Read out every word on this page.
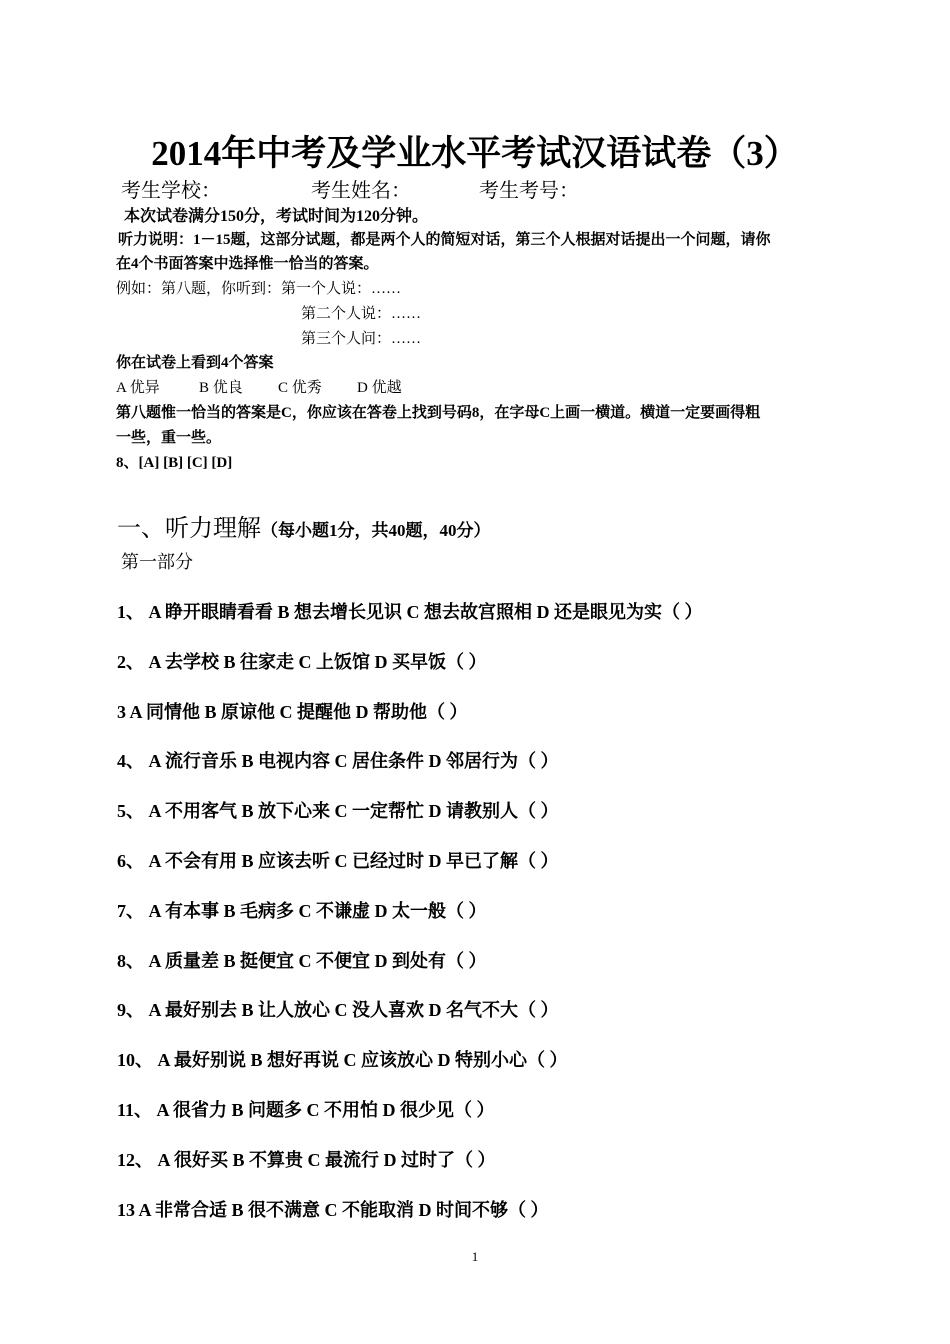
2014年中考及学业水平考试汉语试卷（3）
考生学校：	考生姓名：	考生考号：
本次试卷满分150分，考试时间为120分钟。
听力说明：1－15题，这部分试题，都是两个人的简短对话，第三个人根据对话提出一个问题，请你
在4个书面答案中选择惟一恰当的答案。
例如：第八题，你听到：第一个人说：……
第二个人说：……
第三个人问：……
你在试卷上看到4个答案
A 优异	B 优良 C 优秀 D 优越
第八题惟一恰当的答案是C，你应该在答卷上找到号码8，在字母C上画一横道。横道一定要画得粗
一些，重一些。
8、[A] [B] [C] [D]
一、听力理解（每小题1分，共40题，40分）
第一部分
1、 A 睁开眼睛看看 B 想去增长见识 C 想去故宫照相 D 还是眼见为实（ ）
2、 A 去学校 B 往家走 C 上饭馆 D 买早饭（ ）
3 A 同情他 B 原谅他 C 提醒他 D 帮助他（ ）
4、 A 流行音乐 B 电视内容 C 居住条件 D 邻居行为（ ）
5、 A 不用客气 B 放下心来 C 一定帮忙 D 请教别人（ ）
6、 A 不会有用 B 应该去听 C 已经过时 D 早已了解（ ）
7、 A 有本事 B 毛病多 C 不谦虚 D 太一般（ ）
8、 A 质量差 B 挺便宜 C 不便宜 D 到处有（ ）
9、 A 最好别去 B 让人放心 C 没人喜欢 D 名气不大（ ）
10、 A 最好别说 B 想好再说 C 应该放心 D 特别小心（ ）
11、 A 很省力 B 问题多 C 不用怕 D 很少见（ ）
12、 A 很好买 B 不算贵 C 最流行 D 过时了（ ）
13 A 非常合适 B 很不满意 C 不能取消 D 时间不够（ ）
1
